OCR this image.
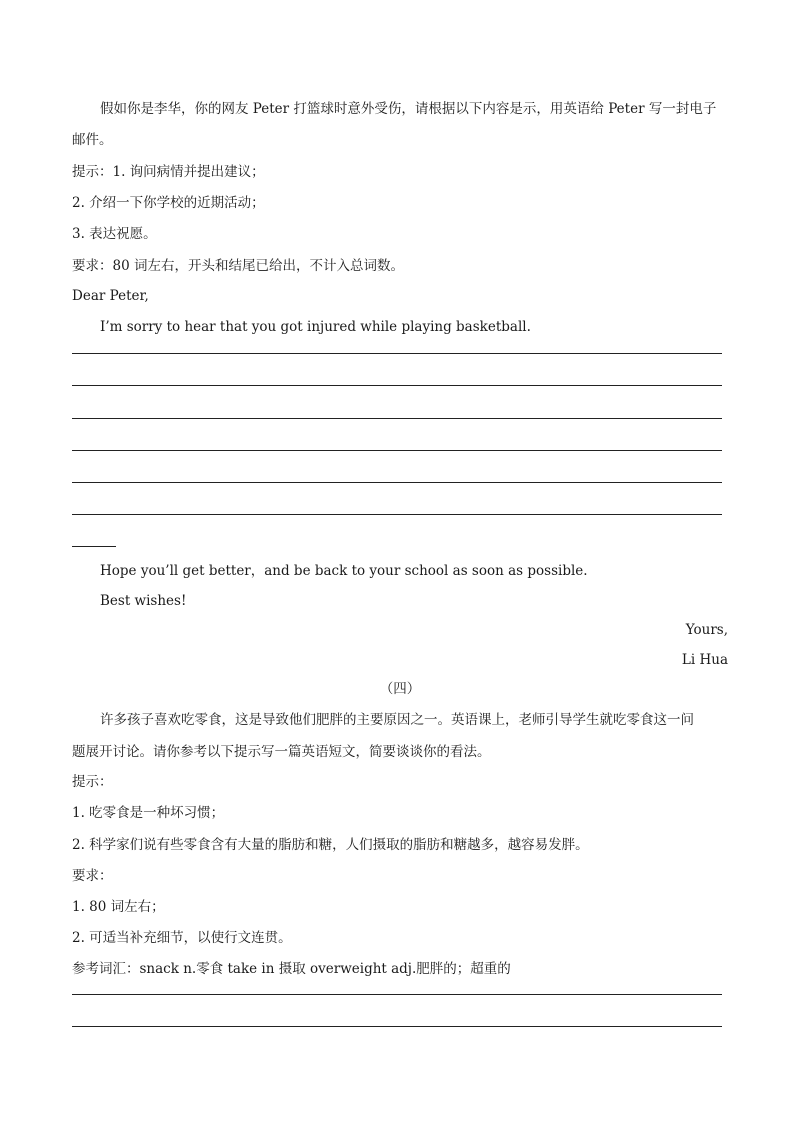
假如你是李华，你的网友 Peter 打篮球时意外受伤，请根据以下内容是示，用英语给 Peter 写一封电子
邮件。
提示：1. 询问病情并提出建议；
2. 介绍一下你学校的近期活动；
3. 表达祝愿。
要求：80 词左右，开头和结尾已给出，不计入总词数。
Dear Peter,
I’m sorry to hear that you got injured while playing basketball.
Hope you’ll get better，and be back to your school as soon as possible.
Best wishes!
Yours,
Li Hua
（四）
许多孩子喜欢吃零食，这是导致他们肥胖的主要原因之一。英语课上，老师引导学生就吃零食这一问
题展开讨论。请你参考以下提示写一篇英语短文，简要谈谈你的看法。
提示：
1. 吃零食是一种坏习惯；
2. 科学家们说有些零食含有大量的脂肪和糖，人们摄取的脂肪和糖越多，越容易发胖。
要求：
1. 80 词左右；
2. 可适当补充细节，以使行文连贯。
参考词汇：snack n.零食 take in 摄取 overweight adj.肥胖的；超重的
